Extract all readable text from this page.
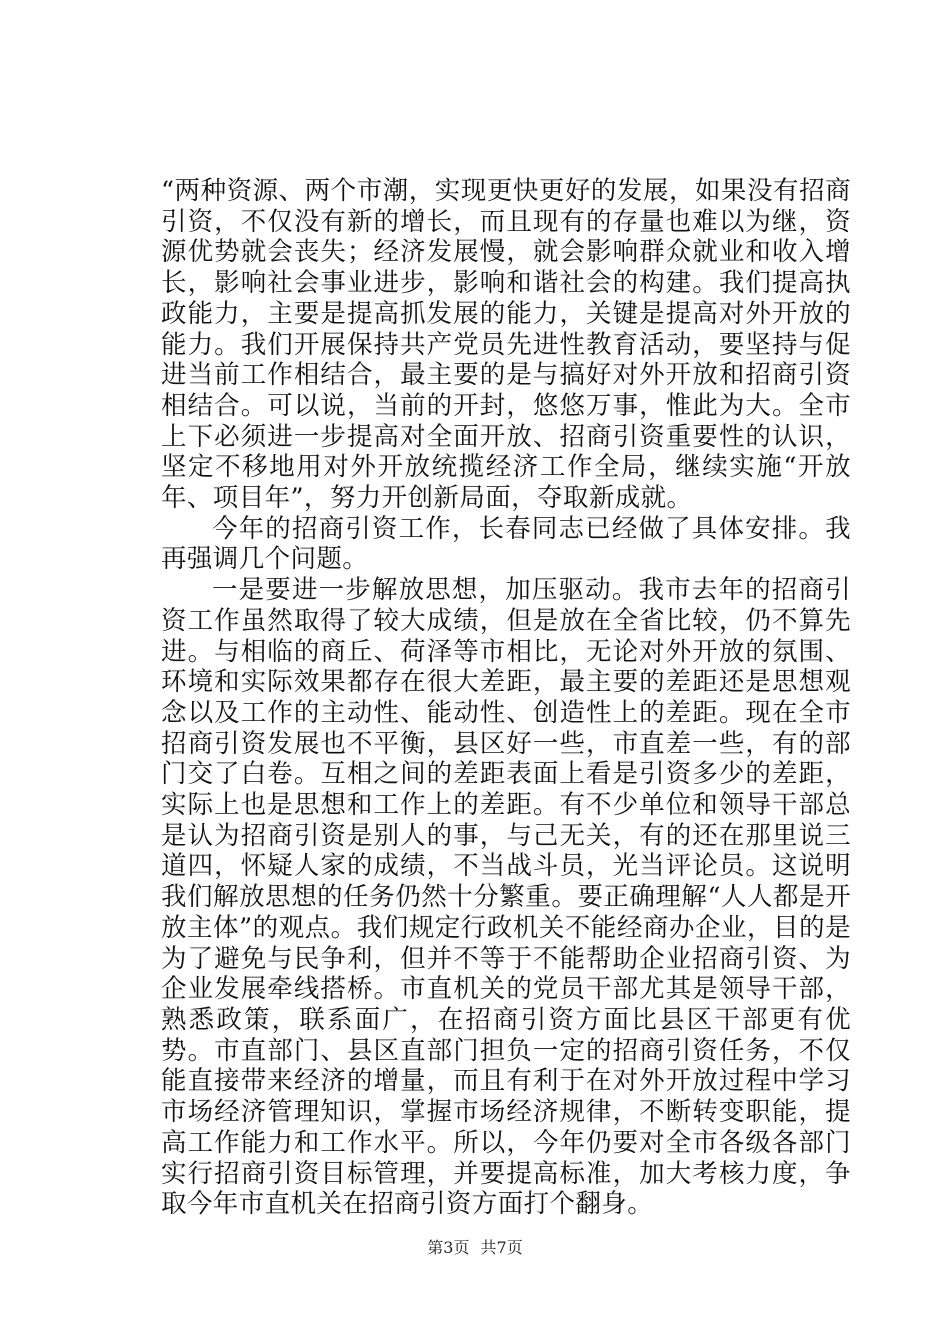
“两种资源、两个市潮，实现更快更好的发展，如果没有招商引资，不仅没有新的增长，而且现有的存量也难以为继，资源优势就会丧失；经济发展慢，就会影响群众就业和收入增长，影响社会事业进步，影响和谐社会的构建。我们提高执政能力，主要是提高抓发展的能力，关键是提高对外开放的能力。我们开展保持共产党员先进性教育活动，要坚持与促进当前工作相结合，最主要的是与搞好对外开放和招商引资相结合。可以说，当前的开封，悠悠万事，惟此为大。全市上下必须进一步提高对全面开放、招商引资重要性的认识，坚定不移地用对外开放统揽经济工作全局，继续实施“开放年、项目年”，努力开创新局面，夺取新成就。

今年的招商引资工作，长春同志已经做了具体安排。我再强调几个问题。

一是要进一步解放思想，加压驱动。我市去年的招商引资工作虽然取得了较大成绩，但是放在全省比较，仍不算先进。与相临的商丘、荷泽等市相比，无论对外开放的氛围、环境和实际效果都存在很大差距，最主要的差距还是思想观念以及工作的主动性、能动性、创造性上的差距。现在全市招商引资发展也不平衡，县区好一些，市直差一些，有的部门交了白卷。互相之间的差距表面上看是引资多少的差距，实际上也是思想和工作上的差距。有不少单位和领导干部总是认为招商引资是别人的事，与己无关，有的还在那里说三道四，怀疑人家的成绩，不当战斗员，光当评论员。这说明我们解放思想的任务仍然十分繁重。要正确理解“人人都是开放主体”的观点。我们规定行政机关不能经商办企业，目的是为了避免与民争利，但并不等于不能帮助企业招商引资、为企业发展牵线搭桥。市直机关的党员干部尤其是领导干部，熟悉政策，联系面广，在招商引资方面比县区干部更有优势。市直部门、县区直部门担负一定的招商引资任务，不仅能直接带来经济的增量，而且有利于在对外开放过程中学习市场经济管理知识，掌握市场经济规律，不断转变职能，提高工作能力和工作水平。所以，今年仍要对全市各级各部门实行招商引资目标管理，并要提高标准，加大考核力度，争取今年市直机关在招商引资方面打个翻身。

第3页 共7页
